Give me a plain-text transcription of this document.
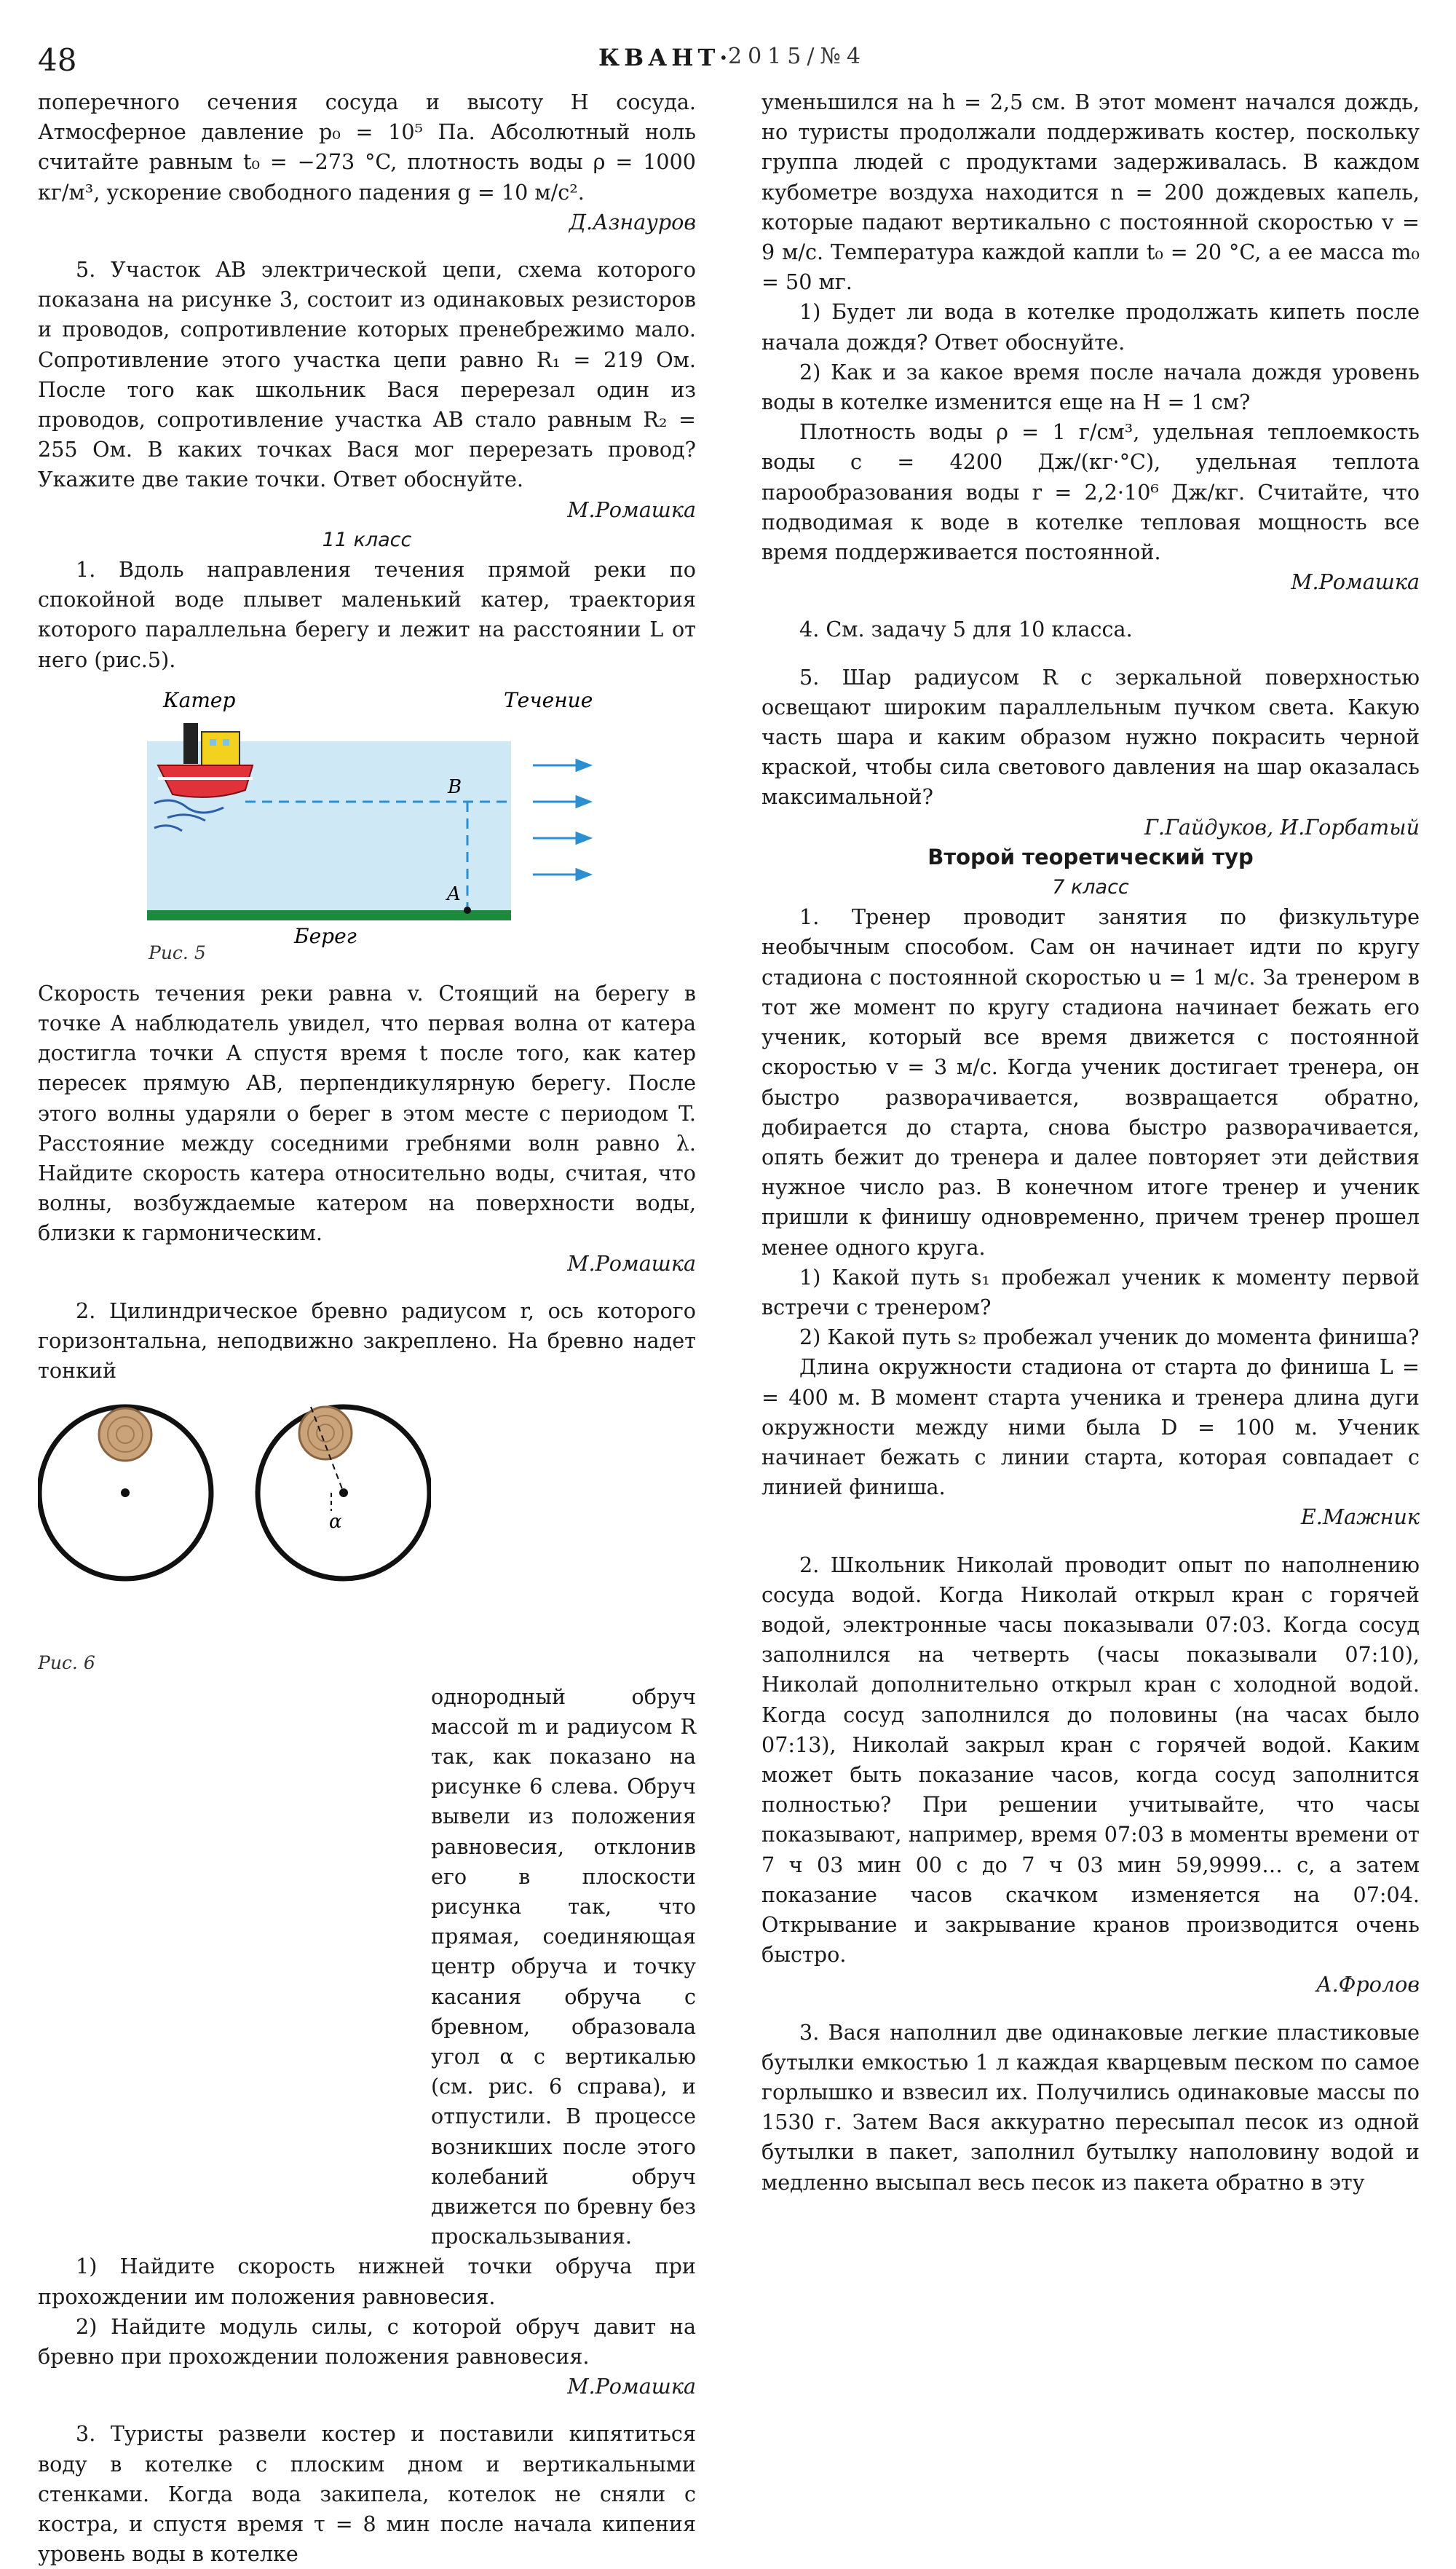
48	КВАНТ·
2015/№4

поперечного сечения сосуда и высоту H сосуда. Атмосферное давление p₀ = 10⁵ Па. Абсолютный ноль считайте равным t₀ = −273 °C, плотность воды ρ = 1000 кг/м³, ускорение свободного падения g = 10 м/с².

Д.Азнауров

5. Участок AB электрической цепи, схема которого показана на рисунке 3, состоит из одинаковых резисторов и проводов, сопротивление которых пренебрежимо мало. Сопротивление этого участка цепи равно R₁ = 219 Ом. После того как школьник Вася перерезал один из проводов, сопротивление участка AB стало равным R₂ = 255 Ом. В каких точках Вася мог перерезать провод? Укажите две такие точки. Ответ обоснуйте.

М.Ромашка

11 класс

1. Вдоль направления течения прямой реки по спокойной воде плывет маленький катер, траектория которого параллельна берегу и лежит на расстоянии L от него (рис.5).

Катер	Течение
B
A
Берег
Рис. 5

Скорость течения реки равна v. Стоящий на берегу в точке A наблюдатель увидел, что первая волна от катера достигла точки A спустя время t после того, как катер пересек прямую AB, перпендикулярную берегу. После этого волны ударяли о берег в этом месте с периодом T. Расстояние между соседними гребнями волн равно λ. Найдите скорость катера относительно воды, считая, что волны, возбуждаемые катером на поверхности воды, близки к гармоническим.

М.Ромашка

2. Цилиндрическое бревно радиусом r, ось которого горизонтальна, неподвижно закреплено. На бревно надет тонкий

α
Рис. 6

однородный обруч массой m и радиусом R так, как показано на рисунке 6 слева. Обруч вывели из положения равновесия, отклонив его в плоскости рисунка так, что прямая, соединяющая центр обруча и точку касания обруча с бревном, образовала угол α с вертикалью (см. рис. 6 справа), и отпустили. В процессе возникших после этого колебаний обруч движется по бревну без проскальзывания.

1) Найдите скорость нижней точки обруча при прохождении им положения равновесия.

2) Найдите модуль силы, с которой обруч давит на бревно при прохождении положения равновесия.

М.Ромашка

3. Туристы развели костер и поставили кипятиться воду в котелке с плоским дном и вертикальными стенками. Когда вода закипела, котелок не сняли с костра, и спустя время τ = 8 мин после начала кипения уровень воды в котелке

уменьшился на h = 2,5 см. В этот момент начался дождь, но туристы продолжали поддерживать костер, поскольку группа людей с продуктами задерживалась. В каждом кубометре воздуха находится n = 200 дождевых капель, которые падают вертикально с постоянной скоростью v = 9 м/с. Температура каждой капли t₀ = 20 °C, а ее масса m₀ = 50 мг.

1) Будет ли вода в котелке продолжать кипеть после начала дождя? Ответ обоснуйте.

2) Как и за какое время после начала дождя уровень воды в котелке изменится еще на H = 1 см?

Плотность воды ρ = 1 г/см³, удельная теплоемкость воды c = 4200 Дж/(кг·°C), удельная теплота парообразования воды r = 2,2·10⁶ Дж/кг. Считайте, что подводимая к воде в котелке тепловая мощность все время поддерживается постоянной.

М.Ромашка

4. См. задачу 5 для 10 класса.

5. Шар радиусом R с зеркальной поверхностью освещают широким параллельным пучком света. Какую часть шара и каким образом нужно покрасить черной краской, чтобы сила светового давления на шар оказалась максимальной?

Г.Гайдуков, И.Горбатый

Второй теоретический тур

7 класс

1. Тренер проводит занятия по физкультуре необычным способом. Сам он начинает идти по кругу стадиона с постоянной скоростью u = 1 м/с. За тренером в тот же момент по кругу стадиона начинает бежать его ученик, который все время движется с постоянной скоростью v = 3 м/с. Когда ученик достигает тренера, он быстро разворачивается, возвращается обратно, добирается до старта, снова быстро разворачивается, опять бежит до тренера и далее повторяет эти действия нужное число раз. В конечном итоге тренер и ученик пришли к финишу одновременно, причем тренер прошел менее одного круга.

1) Какой путь s₁ пробежал ученик к моменту первой встречи с тренером?

2) Какой путь s₂ пробежал ученик до момента финиша?

Длина окружности стадиона от старта до финиша L = = 400 м. В момент старта ученика и тренера длина дуги окружности между ними была D = 100 м. Ученик начинает бежать с линии старта, которая совпадает с линией финиша.

Е.Мажник

2. Школьник Николай проводит опыт по наполнению сосуда водой. Когда Николай открыл кран с горячей водой, электронные часы показывали 07:03. Когда сосуд заполнился на четверть (часы показывали 07:10), Николай дополнительно открыл кран с холодной водой. Когда сосуд заполнился до половины (на часах было 07:13), Николай закрыл кран с горячей водой. Каким может быть показание часов, когда сосуд заполнится полностью? При решении учитывайте, что часы показывают, например, время 07:03 в моменты времени от 7 ч 03 мин 00 с до 7 ч 03 мин 59,9999… с, а затем показание часов скачком изменяется на 07:04. Открывание и закрывание кранов производится очень быстро.

А.Фролов

3. Вася наполнил две одинаковые легкие пластиковые бутылки емкостью 1 л каждая кварцевым песком по самое горлышко и взвесил их. Получились одинаковые массы по 1530 г. Затем Вася аккуратно пересыпал песок из одной бутылки в пакет, заполнил бутылку наполовину водой и медленно высыпал весь песок из пакета обратно в эту
